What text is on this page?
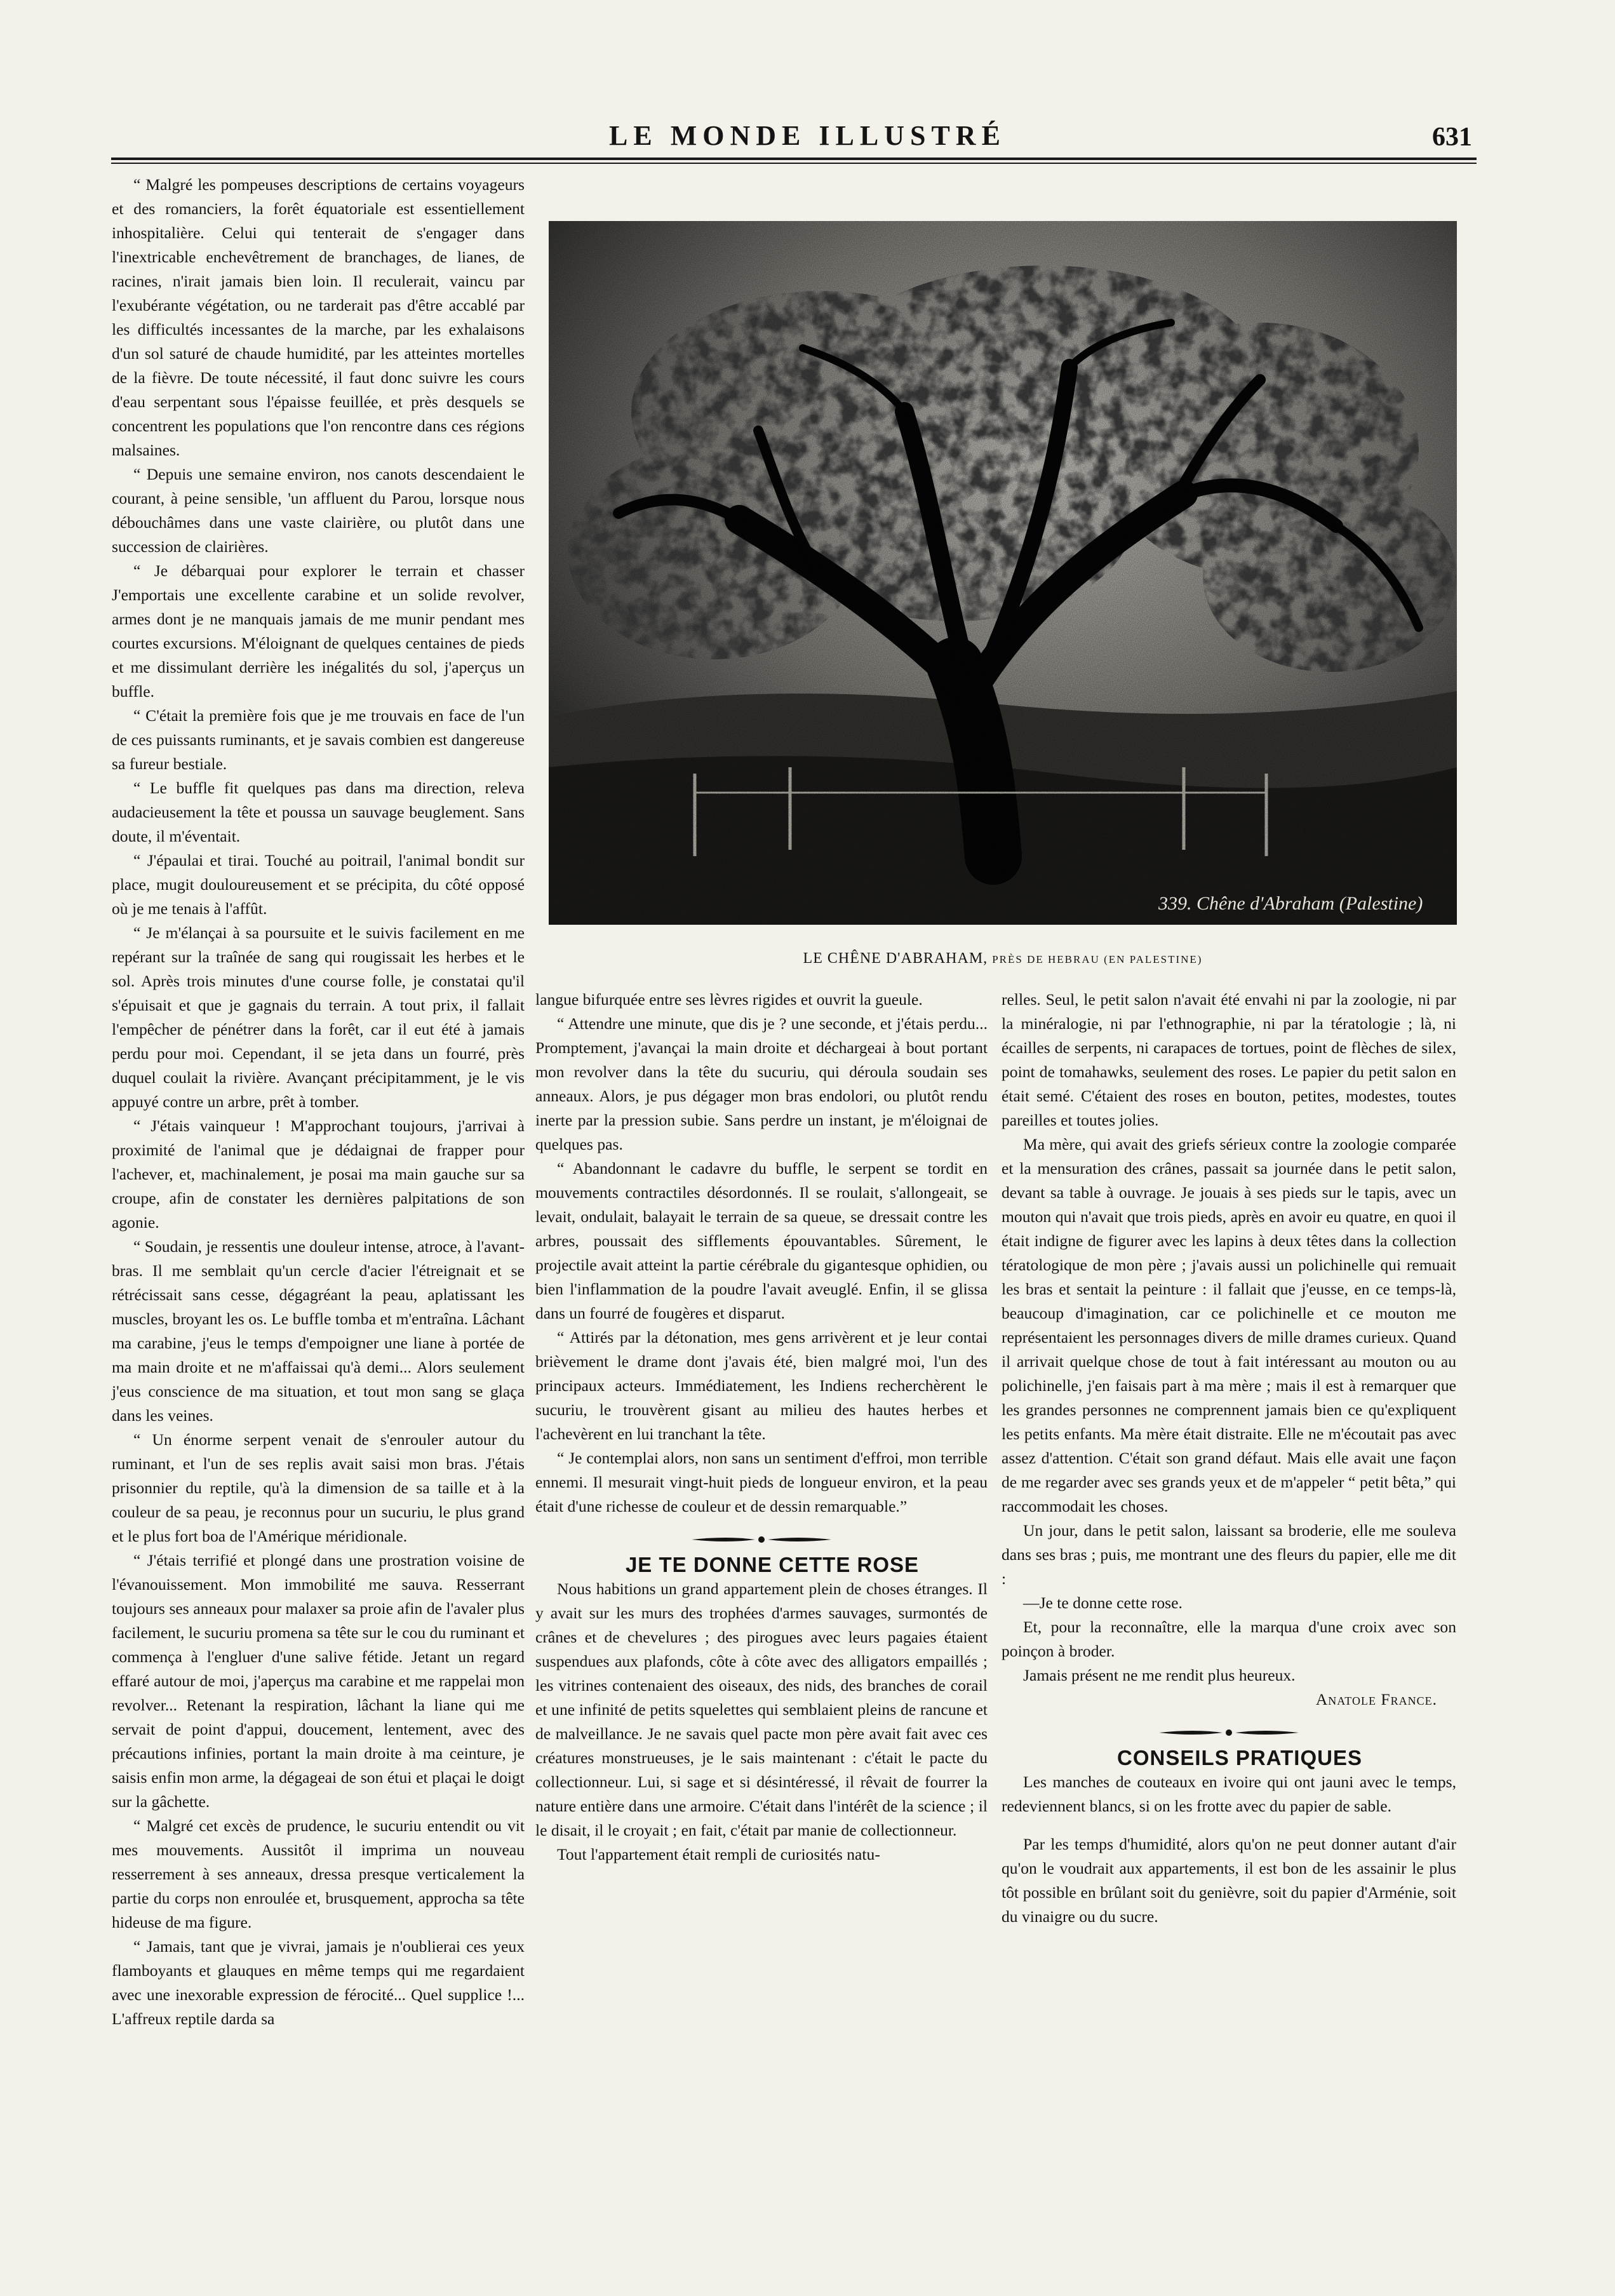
LE MONDE ILLUSTRÉ	631

“ Malgré les pompeuses descriptions de certains voyageurs et des romanciers, la forêt équatoriale est essentiellement inhospitalière. Celui qui tenterait de s'engager dans l'inextricable enchevêtrement de branchages, de lianes, de racines, n'irait jamais bien loin. Il reculerait, vaincu par l'exubérante végétation, ou ne tarderait pas d'être accablé par les difficultés incessantes de la marche, par les exhalaisons d'un sol saturé de chaude humidité, par les atteintes mortelles de la fièvre. De toute nécessité, il faut donc suivre les cours d'eau serpentant sous l'épaisse feuillée, et près desquels se concentrent les populations que l'on rencontre dans ces régions malsaines.

“ Depuis une semaine environ, nos canots descendaient le courant, à peine sensible, 'un affluent du Parou, lorsque nous débouchâmes dans une vaste clairière, ou plutôt dans une succession de clairières.

“ Je débarquai pour explorer le terrain et chasser J'emportais une excellente carabine et un solide revolver, armes dont je ne manquais jamais de me munir pendant mes courtes excursions. M'éloignant de quelques centaines de pieds et me dissimulant derrière les inégalités du sol, j'aperçus un buffle.

“ C'était la première fois que je me trouvais en face de l'un de ces puissants ruminants, et je savais combien est dangereuse sa fureur bestiale.

“ Le buffle fit quelques pas dans ma direction, releva audacieusement la tête et poussa un sauvage beuglement. Sans doute, il m'éventait.

“ J'épaulai et tirai. Touché au poitrail, l'animal bondit sur place, mugit douloureusement et se précipita, du côté opposé où je me tenais à l'affût.

“ Je m'élançai à sa poursuite et le suivis facilement en me repérant sur la traînée de sang qui rougissait les herbes et le sol. Après trois minutes d'une course folle, je constatai qu'il s'épuisait et que je gagnais du terrain. A tout prix, il fallait l'empêcher de pénétrer dans la forêt, car il eut été à jamais perdu pour moi. Cependant, il se jeta dans un fourré, près duquel coulait la rivière. Avançant précipitamment, je le vis appuyé contre un arbre, prêt à tomber.

“ J'étais vainqueur ! M'approchant toujours, j'arrivai à proximité de l'animal que je dédaignai de frapper pour l'achever, et, machinalement, je posai ma main gauche sur sa croupe, afin de constater les dernières palpitations de son agonie.

“ Soudain, je ressentis une douleur intense, atroce, à l'avant-bras. Il me semblait qu'un cercle d'acier l'étreignait et se rétrécissait sans cesse, dégagréant la peau, aplatissant les muscles, broyant les os. Le buffle tomba et m'entraîna. Lâchant ma carabine, j'eus le temps d'empoigner une liane à portée de ma main droite et ne m'affaissai qu'à demi... Alors seulement j'eus conscience de ma situation, et tout mon sang se glaça dans les veines.

“ Un énorme serpent venait de s'enrouler autour du ruminant, et l'un de ses replis avait saisi mon bras. J'étais prisonnier du reptile, qu'à la dimension de sa taille et à la couleur de sa peau, je reconnus pour un sucuriu, le plus grand et le plus fort boa de l'Amérique méridionale.

“ J'étais terrifié et plongé dans une prostration voisine de l'évanouissement. Mon immobilité me sauva. Resserrant toujours ses anneaux pour malaxer sa proie afin de l'avaler plus facilement, le sucuriu promena sa tête sur le cou du ruminant et commença à l'engluer d'une salive fétide. Jetant un regard effaré autour de moi, j'aperçus ma carabine et me rappelai mon revolver... Retenant la respiration, lâchant la liane qui me servait de point d'appui, doucement, lentement, avec des précautions infinies, portant la main droite à ma ceinture, je saisis enfin mon arme, la dégageai de son étui et plaçai le doigt sur la gâchette.

“ Malgré cet excès de prudence, le sucuriu entendit ou vit mes mouvements. Aussitôt il imprima un nouveau resserrement à ses anneaux, dressa presque verticalement la partie du corps non enroulée et, brusquement, approcha sa tête hideuse de ma figure.

“ Jamais, tant que je vivrai, jamais je n'oublierai ces yeux flamboyants et glauques en même temps qui me regardaient avec une inexorable expression de férocité... Quel supplice !... L'affreux reptile darda sa

339. Chêne d'Abraham (Palestine)
LE CHÊNE D'ABRAHAM, PRÈS DE HEBRAU (EN PALESTINE)

langue bifurquée entre ses lèvres rigides et ouvrit la gueule.

“ Attendre une minute, que dis je ? une seconde, et j'étais perdu... Promptement, j'avançai la main droite et déchargeai à bout portant mon revolver dans la tête du sucuriu, qui déroula soudain ses anneaux. Alors, je pus dégager mon bras endolori, ou plutôt rendu inerte par la pression subie. Sans perdre un instant, je m'éloignai de quelques pas.

“ Abandonnant le cadavre du buffle, le serpent se tordit en mouvements contractiles désordonnés. Il se roulait, s'allongeait, se levait, ondulait, balayait le terrain de sa queue, se dressait contre les arbres, poussait des sifflements épouvantables. Sûrement, le projectile avait atteint la partie cérébrale du gigantesque ophidien, ou bien l'inflammation de la poudre l'avait aveuglé. Enfin, il se glissa dans un fourré de fougères et disparut.

“ Attirés par la détonation, mes gens arrivèrent et je leur contai brièvement le drame dont j'avais été, bien malgré moi, l'un des principaux acteurs. Immédiatement, les Indiens recherchèrent le sucuriu, le trouvèrent gisant au milieu des hautes herbes et l'achevèrent en lui tranchant la tête.

“ Je contemplai alors, non sans un sentiment d'effroi, mon terrible ennemi. Il mesurait vingt-huit pieds de longueur environ, et la peau était d'une richesse de couleur et de dessin remarquable.”

JE TE DONNE CETTE ROSE

Nous habitions un grand appartement plein de choses étranges. Il y avait sur les murs des trophées d'armes sauvages, surmontés de crânes et de chevelures ; des pirogues avec leurs pagaies étaient suspendues aux plafonds, côte à côte avec des alligators empaillés ; les vitrines contenaient des oiseaux, des nids, des branches de corail et une infinité de petits squelettes qui semblaient pleins de rancune et de malveillance. Je ne savais quel pacte mon père avait fait avec ces créatures monstrueuses, je le sais maintenant : c'était le pacte du collectionneur. Lui, si sage et si désintéressé, il rêvait de fourrer la nature entière dans une armoire. C'était dans l'intérêt de la science ; il le disait, il le croyait ; en fait, c'était par manie de collectionneur.

Tout l'appartement était rempli de curiosités natu-

relles. Seul, le petit salon n'avait été envahi ni par la zoologie, ni par la minéralogie, ni par l'ethnographie, ni par la tératologie ; là, ni écailles de serpents, ni carapaces de tortues, point de flèches de silex, point de tomahawks, seulement des roses. Le papier du petit salon en était semé. C'étaient des roses en bouton, petites, modestes, toutes pareilles et toutes jolies.

Ma mère, qui avait des griefs sérieux contre la zoologie comparée et la mensuration des crânes, passait sa journée dans le petit salon, devant sa table à ouvrage. Je jouais à ses pieds sur le tapis, avec un mouton qui n'avait que trois pieds, après en avoir eu quatre, en quoi il était indigne de figurer avec les lapins à deux têtes dans la collection tératologique de mon père ; j'avais aussi un polichinelle qui remuait les bras et sentait la peinture : il fallait que j'eusse, en ce temps-là, beaucoup d'imagination, car ce polichinelle et ce mouton me représentaient les personnages divers de mille drames curieux. Quand il arrivait quelque chose de tout à fait intéressant au mouton ou au polichinelle, j'en faisais part à ma mère ; mais il est à remarquer que les grandes personnes ne comprennent jamais bien ce qu'expliquent les petits enfants. Ma mère était distraite. Elle ne m'écoutait pas avec assez d'attention. C'était son grand défaut. Mais elle avait une façon de me regarder avec ses grands yeux et de m'appeler “ petit bêta,” qui raccommodait les choses.

Un jour, dans le petit salon, laissant sa broderie, elle me souleva dans ses bras ; puis, me montrant une des fleurs du papier, elle me dit :

—Je te donne cette rose.

Et, pour la reconnaître, elle la marqua d'une croix avec son poinçon à broder.

Jamais présent ne me rendit plus heureux.

Anatole France.

CONSEILS PRATIQUES

Les manches de couteaux en ivoire qui ont jauni avec le temps, redeviennent blancs, si on les frotte avec du papier de sable.

Par les temps d'humidité, alors qu'on ne peut donner autant d'air qu'on le voudrait aux appartements, il est bon de les assainir le plus tôt possible en brûlant soit du genièvre, soit du papier d'Arménie, soit du vinaigre ou du sucre.
